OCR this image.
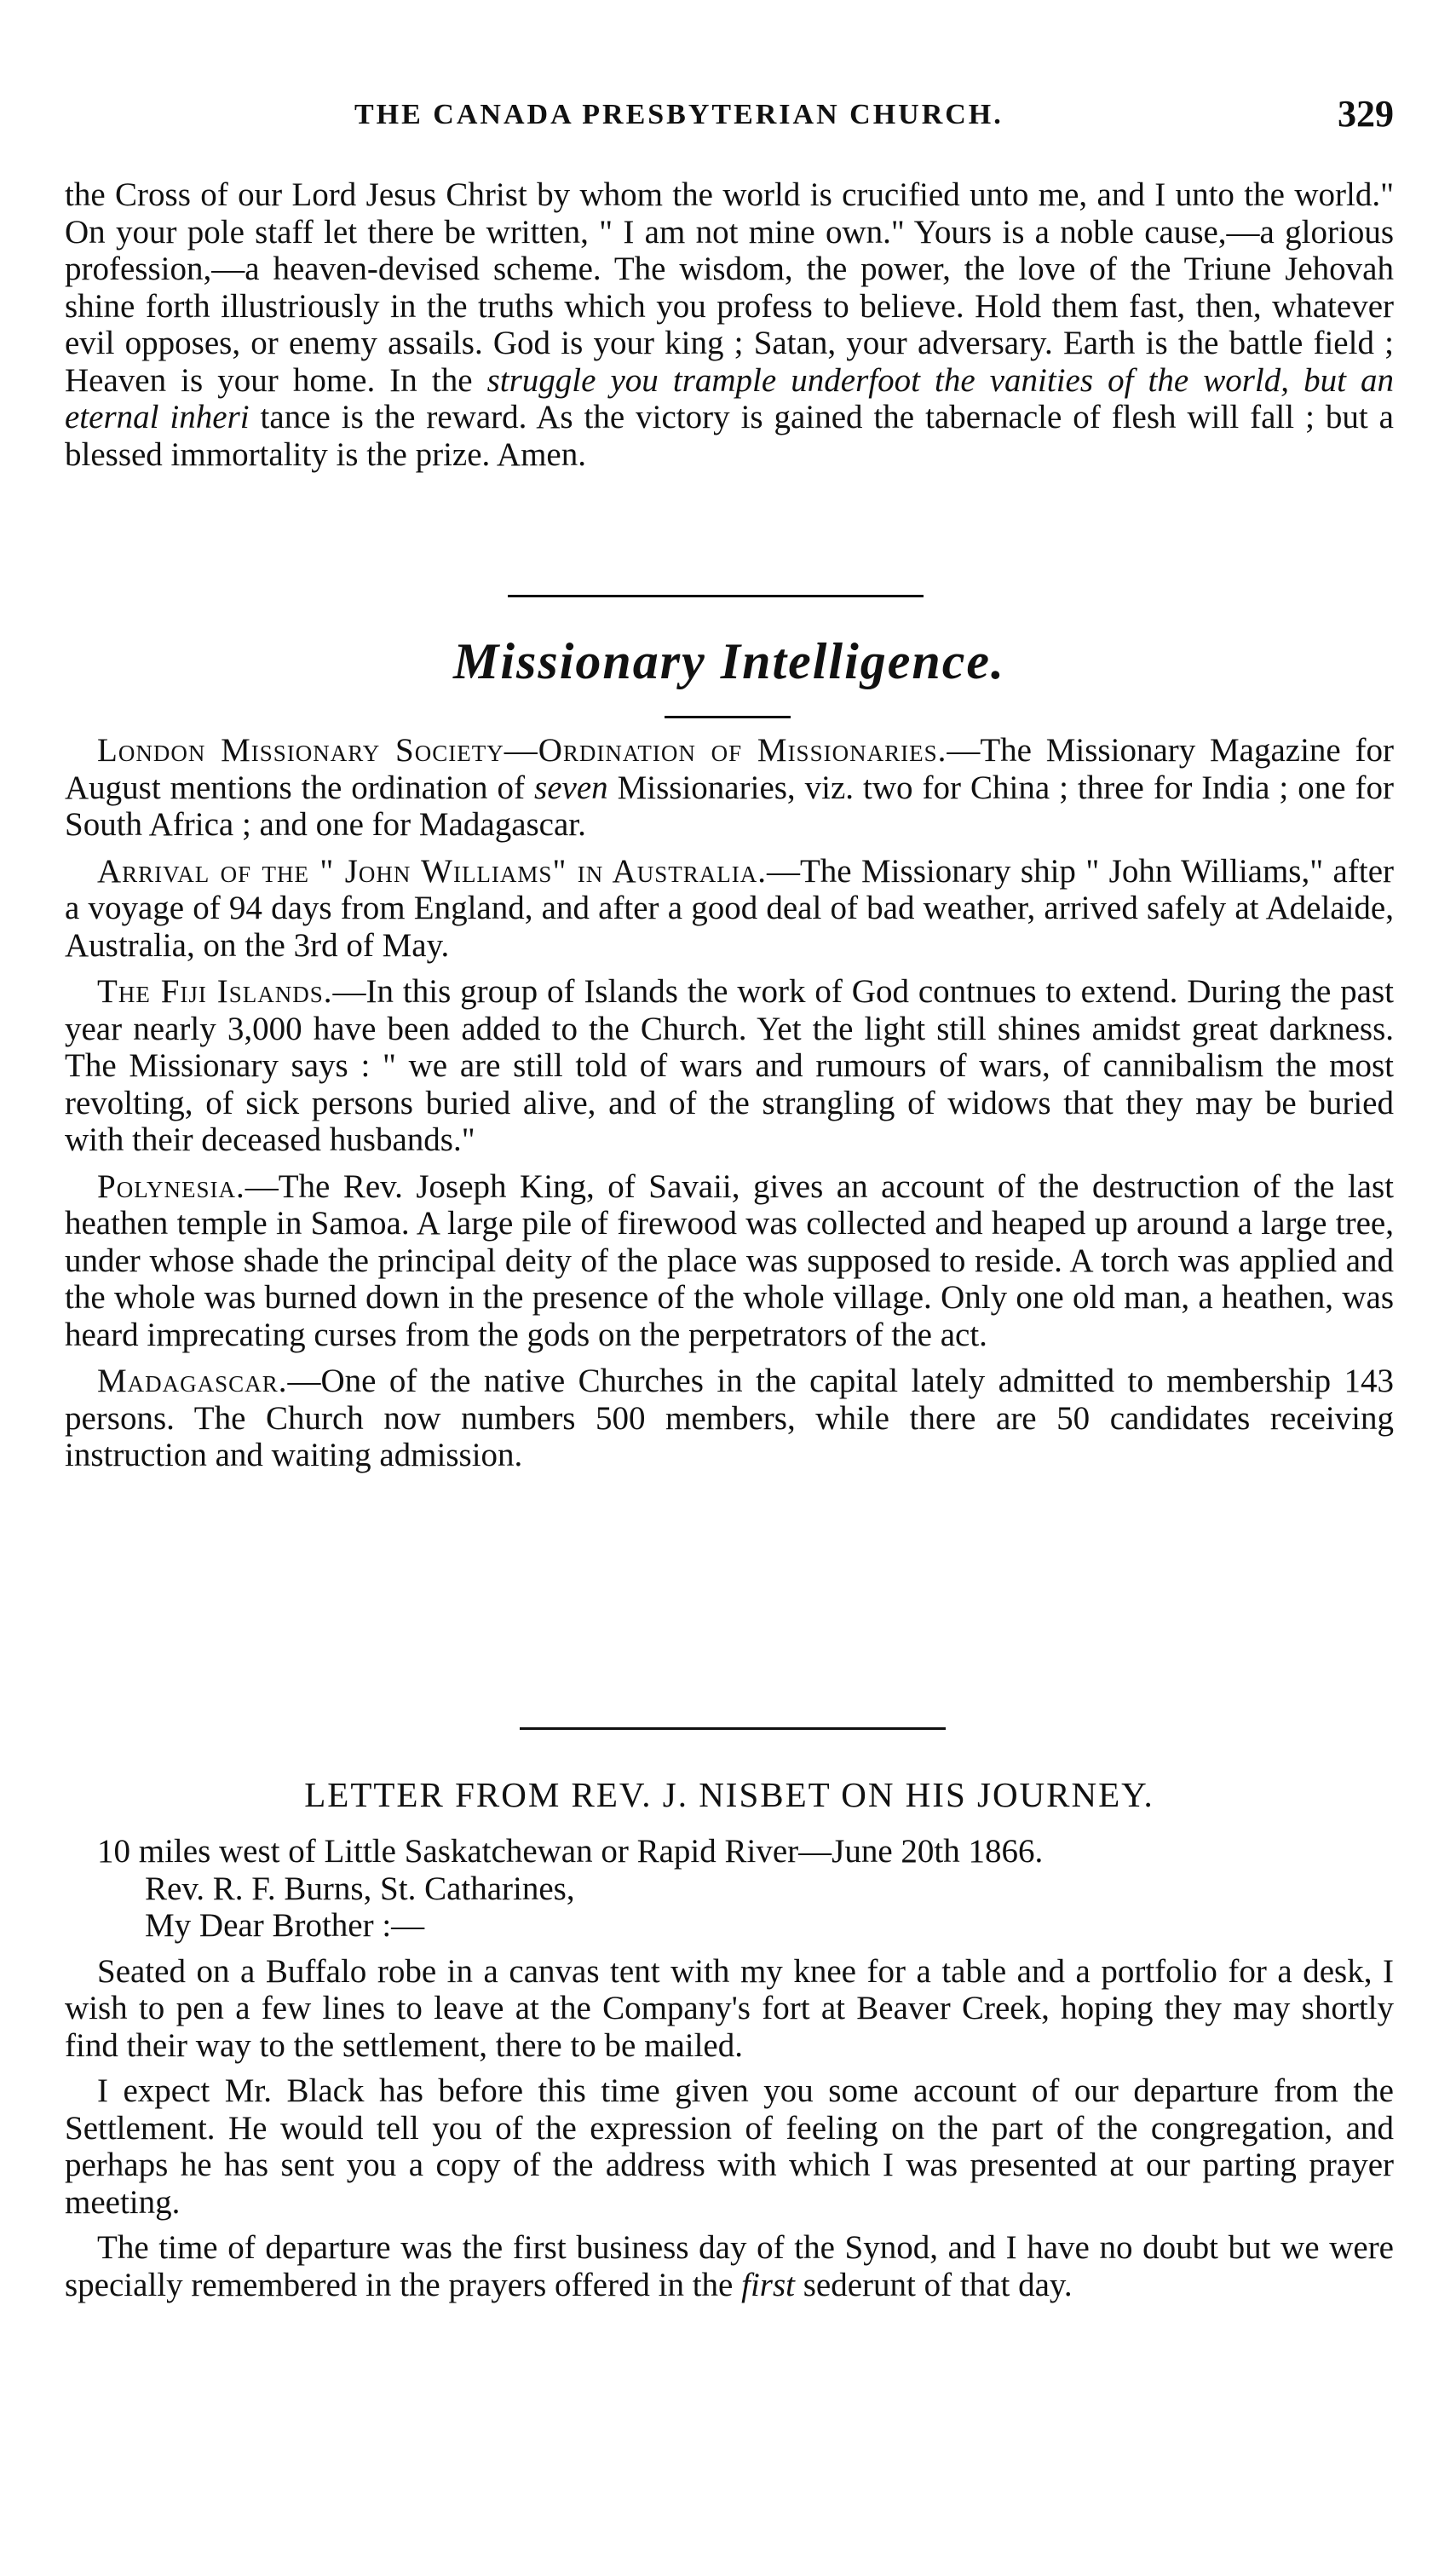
THE CANADA PRESBYTERIAN CHURCH.	329

the Cross of our Lord Jesus Christ by whom the world is crucified unto me, and I unto the world." On your pole staff let there be written, " I am not mine own." Yours is a noble cause,—a glorious profession,—a heaven-devised scheme. The wisdom, the power, the love of the Triune Jehovah shine forth illustriously in the truths which you profess to believe. Hold them fast, then, whatever evil opposes, or enemy assails. God is your king ; Satan, your adversary. Earth is the battle field ; Heaven is your home. In the struggle you trample underfoot the vanities of the world, but an eternal inheri tance is the reward. As the victory is gained the tabernacle of flesh will fall ; but a blessed immortality is the prize. Amen.

Missionary Intelligence.

London Missionary Society—Ordination of Missionaries.—The Missionary Magazine for August mentions the ordination of seven Missionaries, viz. two for China ; three for India ; one for South Africa ; and one for Madagascar.

Arrival of the " John Williams" in Australia.—The Missionary ship " John Williams," after a voyage of 94 days from England, and after a good deal of bad weather, arrived safely at Adelaide, Australia, on the 3rd of May.

The Fiji Islands.—In this group of Islands the work of God contnues to extend. During the past year nearly 3,000 have been added to the Church. Yet the light still shines amidst great darkness. The Missionary says : " we are still told of wars and rumours of wars, of cannibalism the most revolting, of sick persons buried alive, and of the strangling of widows that they may be buried with their deceased husbands."

Polynesia.—The Rev. Joseph King, of Savaii, gives an account of the destruction of the last heathen temple in Samoa. A large pile of firewood was collected and heaped up around a large tree, under whose shade the principal deity of the place was supposed to reside. A torch was applied and the whole was burned down in the presence of the whole village. Only one old man, a heathen, was heard imprecating curses from the gods on the perpetrators of the act.

Madagascar.—One of the native Churches in the capital lately admitted to membership 143 persons. The Church now numbers 500 members, while there are 50 candidates receiving instruction and waiting admission.

LETTER FROM REV. J. NISBET ON HIS JOURNEY.

10 miles west of Little Saskatchewan or Rapid River—June 20th 1866.

Rev. R. F. Burns, St. Catharines,

My Dear Brother :—

Seated on a Buffalo robe in a canvas tent with my knee for a table and a portfolio for a desk, I wish to pen a few lines to leave at the Company's fort at Beaver Creek, hoping they may shortly find their way to the settlement, there to be mailed.

I expect Mr. Black has before this time given you some account of our departure from the Settlement. He would tell you of the expression of feeling on the part of the congregation, and perhaps he has sent you a copy of the address with which I was presented at our parting prayer meeting.

The time of departure was the first business day of the Synod, and I have no doubt but we were specially remembered in the prayers offered in the first sederunt of that day.
